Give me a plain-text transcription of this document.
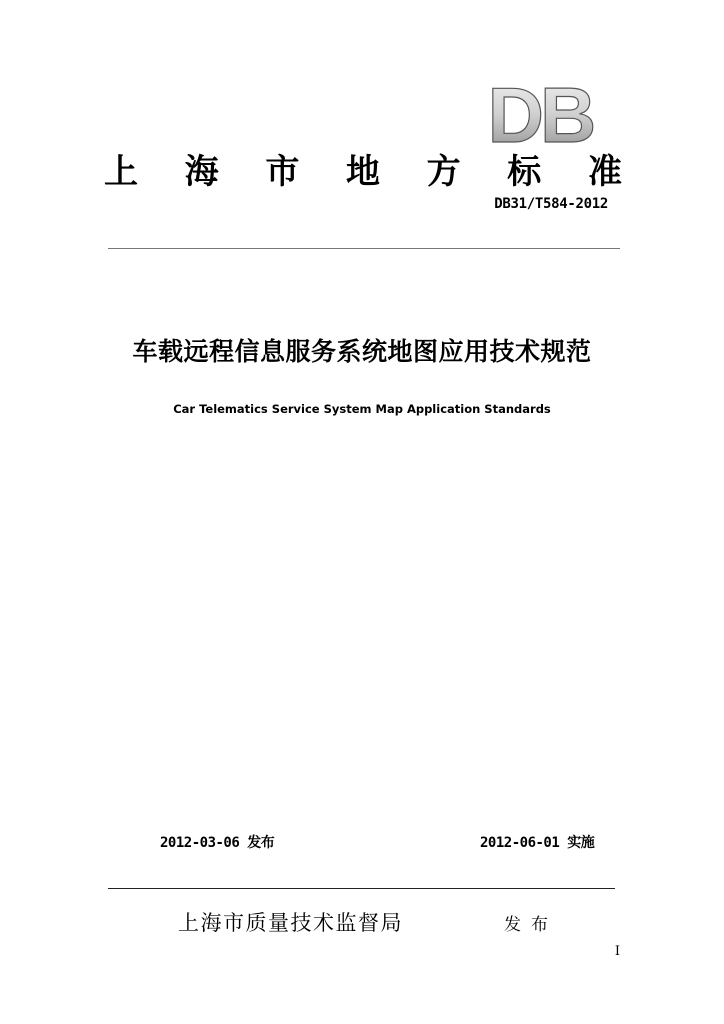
DB
上 海 市 地 方 标 准
DB31/T584-2012
车载远程信息服务系统地图应用技术规范
Car Telematics Service System Map Application Standards
2012-03-06 发布	2012-06-01 实施
上海市质量技术监督局	发布
I
